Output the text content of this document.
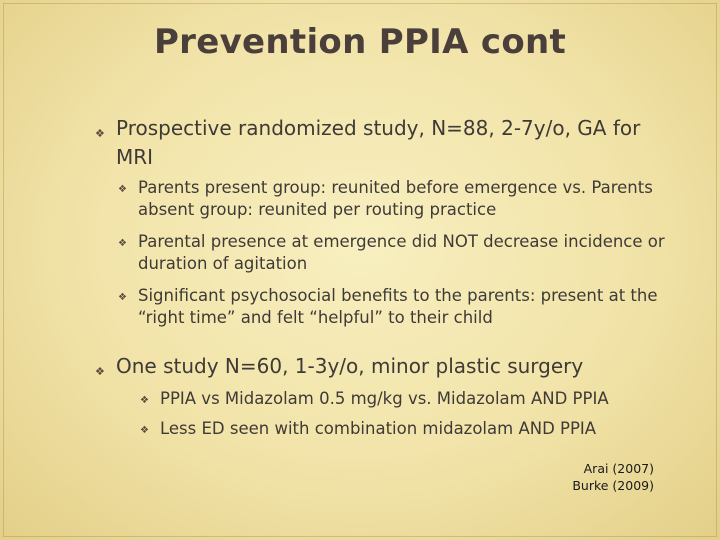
Prevention PPIA cont
❖ Prospective randomized study, N=88, 2-7y/o, GA for MRI
❖ Parents present group: reunited before emergence vs. Parents absent group: reunited per routing practice
❖ Parental presence at emergence did NOT decrease incidence or duration of agitation
❖ Significant psychosocial benefits to the parents: present at the “right time” and felt “helpful” to their child
❖ One study N=60, 1-3y/o, minor plastic surgery
❖ PPIA vs Midazolam 0.5 mg/kg vs. Midazolam AND PPIA
❖ Less ED seen with combination midazolam AND PPIA
Arai (2007)
Burke (2009)
